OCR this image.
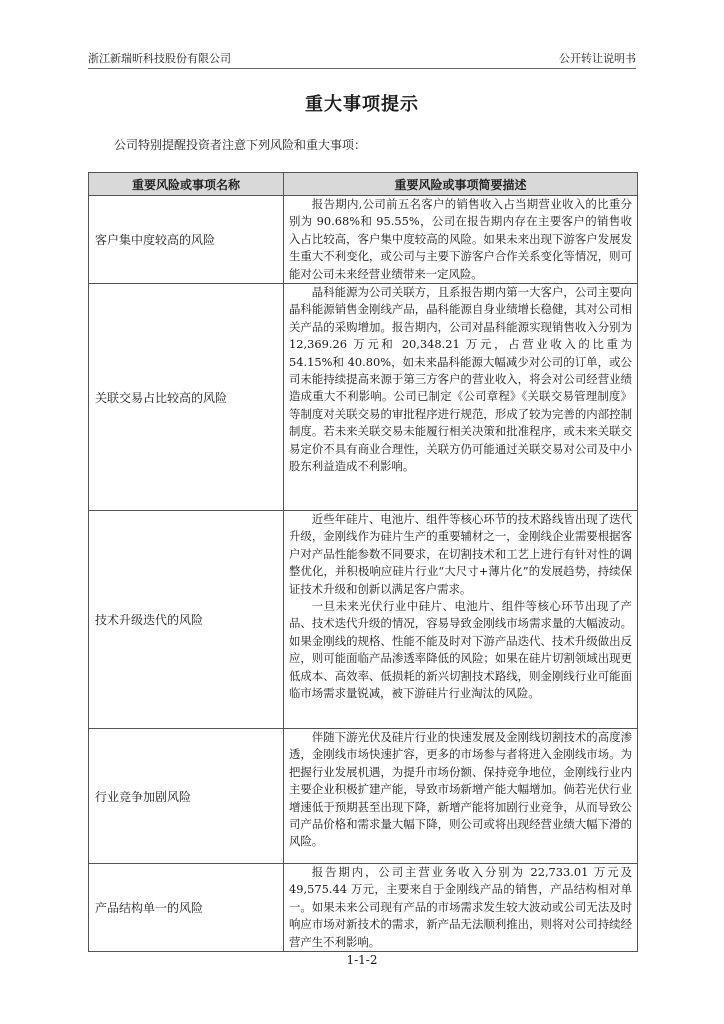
浙江新瑞昕科技股份有限公司	公开转让说明书
重大事项提示
公司特别提醒投资者注意下列风险和重大事项：
重要风险或事项名称	重要风险或事项简要描述
客户集中度较高的风险	报告期内,公司前五名客户的销售收入占当期营业收入的比重分别为 90.68%和 95.55%，公司在报告期内存在主要客户的销售收入占比较高，客户集中度较高的风险。如果未来出现下游客户发展发生重大不利变化，或公司与主要下游客户合作关系变化等情况，则可能对公司未来经营业绩带来一定风险。

关联交易占比较高的风险	晶科能源为公司关联方，且系报告期内第一大客户，公司主要向晶科能源销售金刚线产品，晶科能源自身业绩增长稳健，其对公司相关产品的采购增加。报告期内，公司对晶科能源实现销售收入分别为 12,369.26 万元和 20,348.21 万元，占营业收入的比重为 54.15%和 40.80%，如未来晶科能源大幅减少对公司的订单，或公司未能持续提高来源于第三方客户的营业收入，将会对公司经营业绩造成重大不利影响。公司已制定《公司章程》《关联交易管理制度》等制度对关联交易的审批程序进行规范，形成了较为完善的内部控制制度。若未来关联交易未能履行相关决策和批准程序，或未来关联交易定价不具有商业合理性，关联方仍可能通过关联交易对公司及中小股东利益造成不利影响。

技术升级迭代的风险	近些年硅片、电池片、组件等核心环节的技术路线皆出现了迭代升级，金刚线作为硅片生产的重要辅材之一，金刚线企业需要根据客户对产品性能参数不同要求，在切割技术和工艺上进行有针对性的调整优化，并积极响应硅片行业“大尺寸+薄片化”的发展趋势，持续保证技术升级和创新以满足客户需求。

一旦未来光伏行业中硅片、电池片、组件等核心环节出现了产品、技术迭代升级的情况，容易导致金刚线市场需求量的大幅波动。如果金刚线的规格、性能不能及时对下游产品迭代、技术升级做出反应，则可能面临产品渗透率降低的风险；如果在硅片切割领域出现更低成本、高效率、低损耗的新兴切割技术路线，则金刚线行业可能面临市场需求量锐减，被下游硅片行业淘汰的风险。

行业竞争加剧风险	伴随下游光伏及硅片行业的快速发展及金刚线切割技术的高度渗透，金刚线市场快速扩容，更多的市场参与者将进入金刚线市场。为把握行业发展机遇，为提升市场份额、保持竞争地位，金刚线行业内主要企业积极扩建产能，导致市场新增产能大幅增加。倘若光伏行业增速低于预期甚至出现下降，新增产能将加剧行业竞争，从而导致公司产品价格和需求量大幅下降，则公司或将出现经营业绩大幅下滑的风险。

产品结构单一的风险	报告期内，公司主营业务收入分别为 22,733.01 万元及 49,575.44 万元，主要来自于金刚线产品的销售，产品结构相对单一。如果未来公司现有产品的市场需求发生较大波动或公司无法及时响应市场对新技术的需求，新产品无法顺利推出，则将对公司持续经营产生不利影响。

1-1-2
